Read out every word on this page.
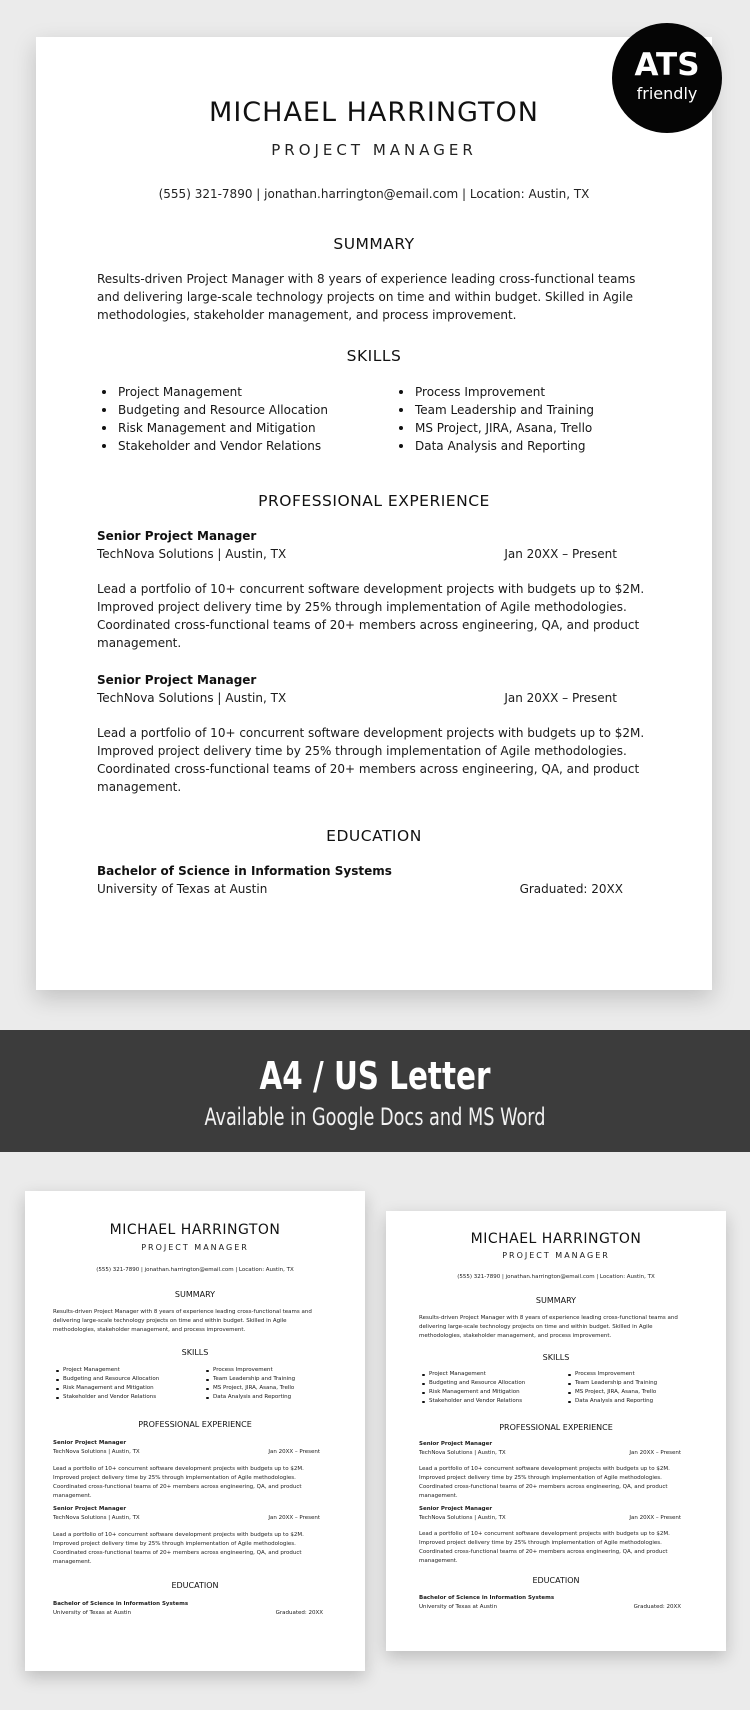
MICHAEL HARRINGTON
PROJECT MANAGER
(555) 321-7890 | jonathan.harrington@email.com | Location: Austin, TX
SUMMARY

Results-driven Project Manager with 8 years of experience leading cross-functional teams and delivering large-scale technology projects on time and within budget. Skilled in Agile methodologies, stakeholder management, and process improvement.

SKILLS
Project Management	Process Improvement
Budgeting and Resource Allocation	Team Leadership and Training
Risk Management and Mitigation	MS Project, JIRA, Asana, Trello
Stakeholder and Vendor Relations	Data Analysis and Reporting
PROFESSIONAL EXPERIENCE
Senior Project Manager
TechNova Solutions | Austin, TX	Jan 20XX – Present

Lead a portfolio of 10+ concurrent software development projects with budgets up to $2M. Improved project delivery time by 25% through implementation of Agile methodologies. Coordinated cross-functional teams of 20+ members across engineering, QA, and product management.

Senior Project Manager
TechNova Solutions | Austin, TX	Jan 20XX – Present

Lead a portfolio of 10+ concurrent software development projects with budgets up to $2M. Improved project delivery time by 25% through implementation of Agile methodologies. Coordinated cross-functional teams of 20+ members across engineering, QA, and product management.

EDUCATION
Bachelor of Science in Information Systems
University of Texas at Austin	Graduated: 20XX
ATS
friendly
A4 / US Letter
Available in Google Docs and MS Word
MICHAEL HARRINGTON
PROJECT MANAGER
(555) 321-7890 | jonathan.harrington@email.com | Location: Austin, TX
SUMMARY
Results-driven Project Manager with 8 years of experience leading cross-functional teams and delivering large-scale technology projects on time and within budget. Skilled in Agile methodologies, stakeholder management, and process improvement.
SKILLS
Project Management	Process Improvement
Budgeting and Resource Allocation	Team Leadership and Training
Risk Management and Mitigation	MS Project, JIRA, Asana, Trello
Stakeholder and Vendor Relations	Data Analysis and Reporting
PROFESSIONAL EXPERIENCE
Senior Project Manager
TechNova Solutions | Austin, TX	Jan 20XX – Present
Lead a portfolio of 10+ concurrent software development projects with budgets up to $2M. Improved project delivery time by 25% through implementation of Agile methodologies. Coordinated cross-functional teams of 20+ members across engineering, QA, and product management.
Senior Project Manager
TechNova Solutions | Austin, TX	Jan 20XX – Present
Lead a portfolio of 10+ concurrent software development projects with budgets up to $2M. Improved project delivery time by 25% through implementation of Agile methodologies. Coordinated cross-functional teams of 20+ members across engineering, QA, and product management.
EDUCATION
Bachelor of Science in Information Systems
University of Texas at Austin	Graduated: 20XX
MICHAEL HARRINGTON
PROJECT MANAGER
(555) 321-7890 | jonathan.harrington@email.com | Location: Austin, TX
SUMMARY
Results-driven Project Manager with 8 years of experience leading cross-functional teams and delivering large-scale technology projects on time and within budget. Skilled in Agile methodologies, stakeholder management, and process improvement.
SKILLS
Project Management	Process Improvement
Budgeting and Resource Allocation	Team Leadership and Training
Risk Management and Mitigation	MS Project, JIRA, Asana, Trello
Stakeholder and Vendor Relations	Data Analysis and Reporting
PROFESSIONAL EXPERIENCE
Senior Project Manager
TechNova Solutions | Austin, TX	Jan 20XX – Present
Lead a portfolio of 10+ concurrent software development projects with budgets up to $2M. Improved project delivery time by 25% through implementation of Agile methodologies. Coordinated cross-functional teams of 20+ members across engineering, QA, and product management.
Senior Project Manager
TechNova Solutions | Austin, TX	Jan 20XX – Present
Lead a portfolio of 10+ concurrent software development projects with budgets up to $2M. Improved project delivery time by 25% through implementation of Agile methodologies. Coordinated cross-functional teams of 20+ members across engineering, QA, and product management.
EDUCATION
Bachelor of Science in Information Systems
University of Texas at Austin	Graduated: 20XX
